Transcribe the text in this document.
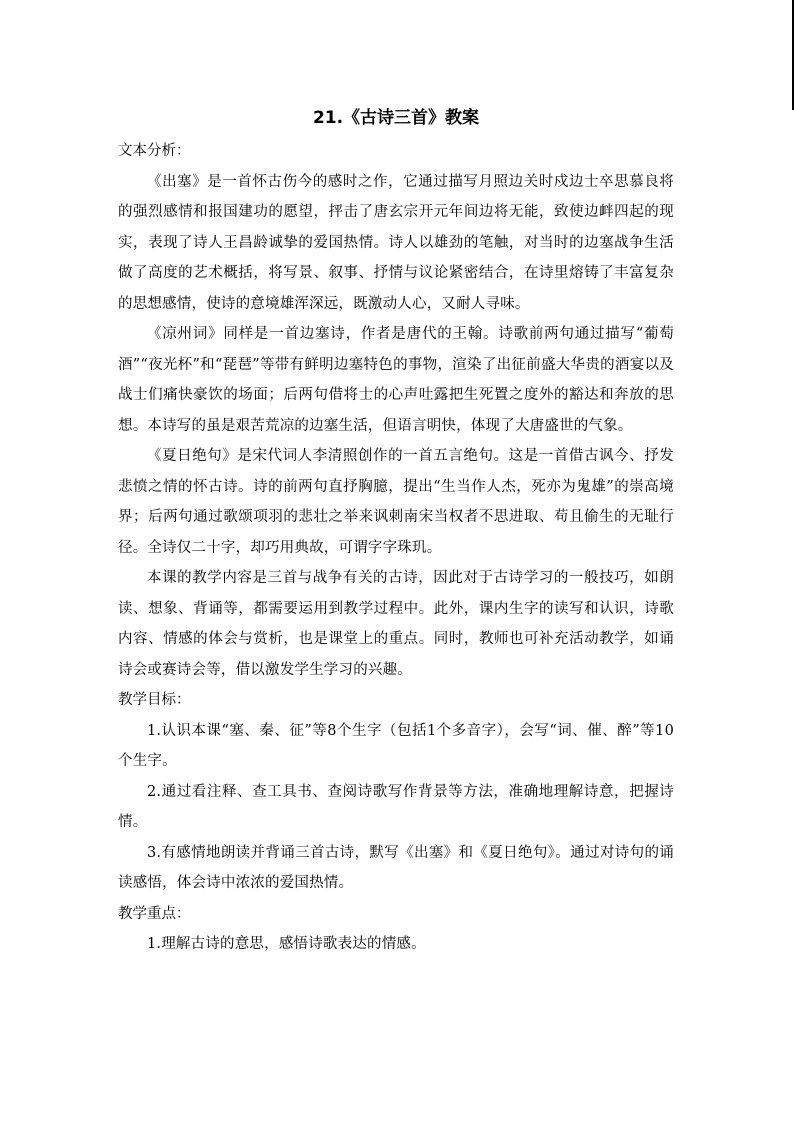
21.《古诗三首》教案
文本分析：

《出塞》是一首怀古伤今的感时之作，它通过描写月照边关时戍边士卒思慕良将的强烈感情和报国建功的愿望，抨击了唐玄宗开元年间边将无能，致使边衅四起的现实，表现了诗人王昌龄诚挚的爱国热情。诗人以雄劲的笔触，对当时的边塞战争生活做了高度的艺术概括，将写景、叙事、抒情与议论紧密结合，在诗里熔铸了丰富复杂的思想感情，使诗的意境雄浑深远，既激动人心，又耐人寻味。

《凉州词》同样是一首边塞诗，作者是唐代的王翰。诗歌前两句通过描写“葡萄酒”“夜光杯”和“琵琶”等带有鲜明边塞特色的事物，渲染了出征前盛大华贵的酒宴以及战士们痛快豪饮的场面；后两句借将士的心声吐露把生死置之度外的豁达和奔放的思想。本诗写的虽是艰苦荒凉的边塞生活，但语言明快，体现了大唐盛世的气象。

《夏日绝句》是宋代词人李清照创作的一首五言绝句。这是一首借古讽今、抒发悲愤之情的怀古诗。诗的前两句直抒胸臆，提出“生当作人杰，死亦为鬼雄”的崇高境界；后两句通过歌颂项羽的悲壮之举来讽刺南宋当权者不思进取、苟且偷生的无耻行径。全诗仅二十字，却巧用典故，可谓字字珠玑。

本课的教学内容是三首与战争有关的古诗，因此对于古诗学习的一般技巧，如朗读、想象、背诵等，都需要运用到教学过程中。此外，课内生字的读写和认识，诗歌内容、情感的体会与赏析，也是课堂上的重点。同时，教师也可补充活动教学，如诵诗会或赛诗会等，借以激发学生学习的兴趣。

教学目标：

1.认识本课“塞、秦、征”等8个生字（包括1个多音字），会写“词、催、醉”等10个生字。

2.通过看注释、查工具书、查阅诗歌写作背景等方法，准确地理解诗意，把握诗情。

3.有感情地朗读并背诵三首古诗，默写《出塞》和《夏日绝句》。通过对诗句的诵读感悟，体会诗中浓浓的爱国热情。

教学重点：

1.理解古诗的意思，感悟诗歌表达的情感。
